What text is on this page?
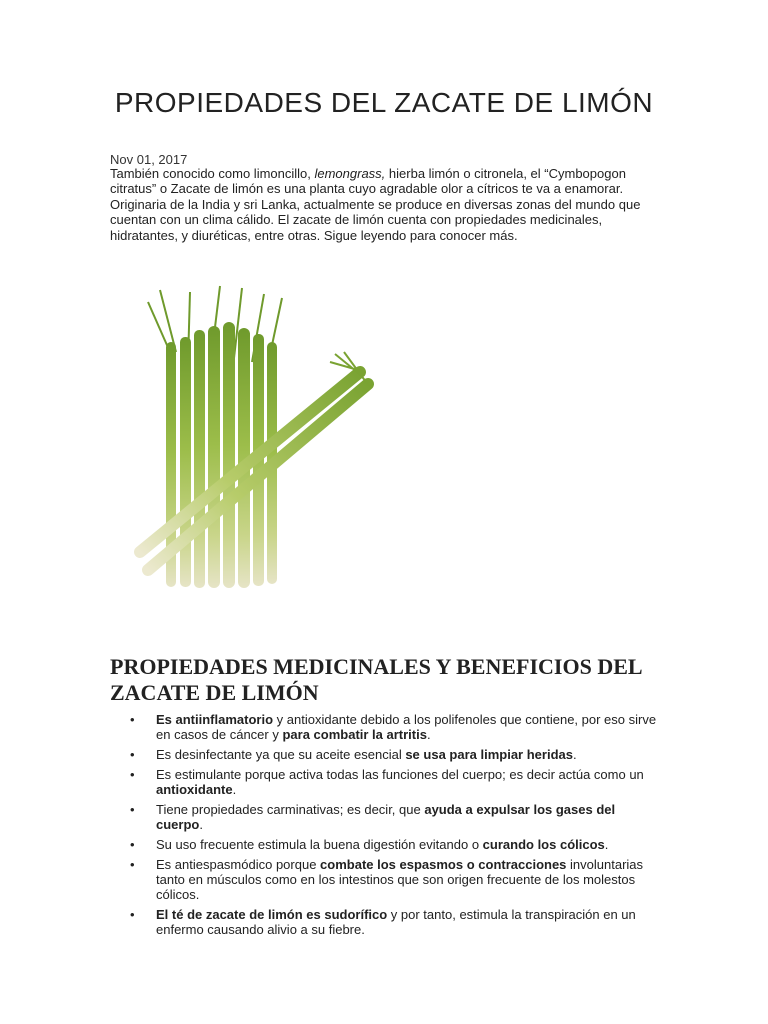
PROPIEDADES DEL ZACATE DE LIMÓN
Nov 01, 2017

También conocido como limoncillo, lemongrass, hierba limón o citronela, el “Cymbopogon citratus” o Zacate de limón es una planta cuyo agradable olor a cítricos te va a enamorar. Originaria de la India y sri Lanka, actualmente se produce en diversas zonas del mundo que cuentan con un clima cálido. El zacate de limón cuenta con propiedades medicinales, hidratantes, y diuréticas, entre otras. Sigue leyendo para conocer más.

PROPIEDADES MEDICINALES Y BENEFICIOS DEL ZACATE DE LIMÓN
• Es antiinflamatorio y antioxidante debido a los polifenoles que contiene, por eso sirve en casos de cáncer y para combatir la artritis.
• Es desinfectante ya que su aceite esencial se usa para limpiar heridas.
• Es estimulante porque activa todas las funciones del cuerpo; es decir actúa como un antioxidante.
• Tiene propiedades carminativas; es decir, que ayuda a expulsar los gases del cuerpo.
• Su uso frecuente estimula la buena digestión evitando o curando los cólicos.
• Es antiespasmódico porque combate los espasmos o contracciones involuntarias tanto en músculos como en los intestinos que son origen frecuente de los molestos cólicos.
• El té de zacate de limón es sudorífico y por tanto, estimula la transpiración en un enfermo causando alivio a su fiebre.
